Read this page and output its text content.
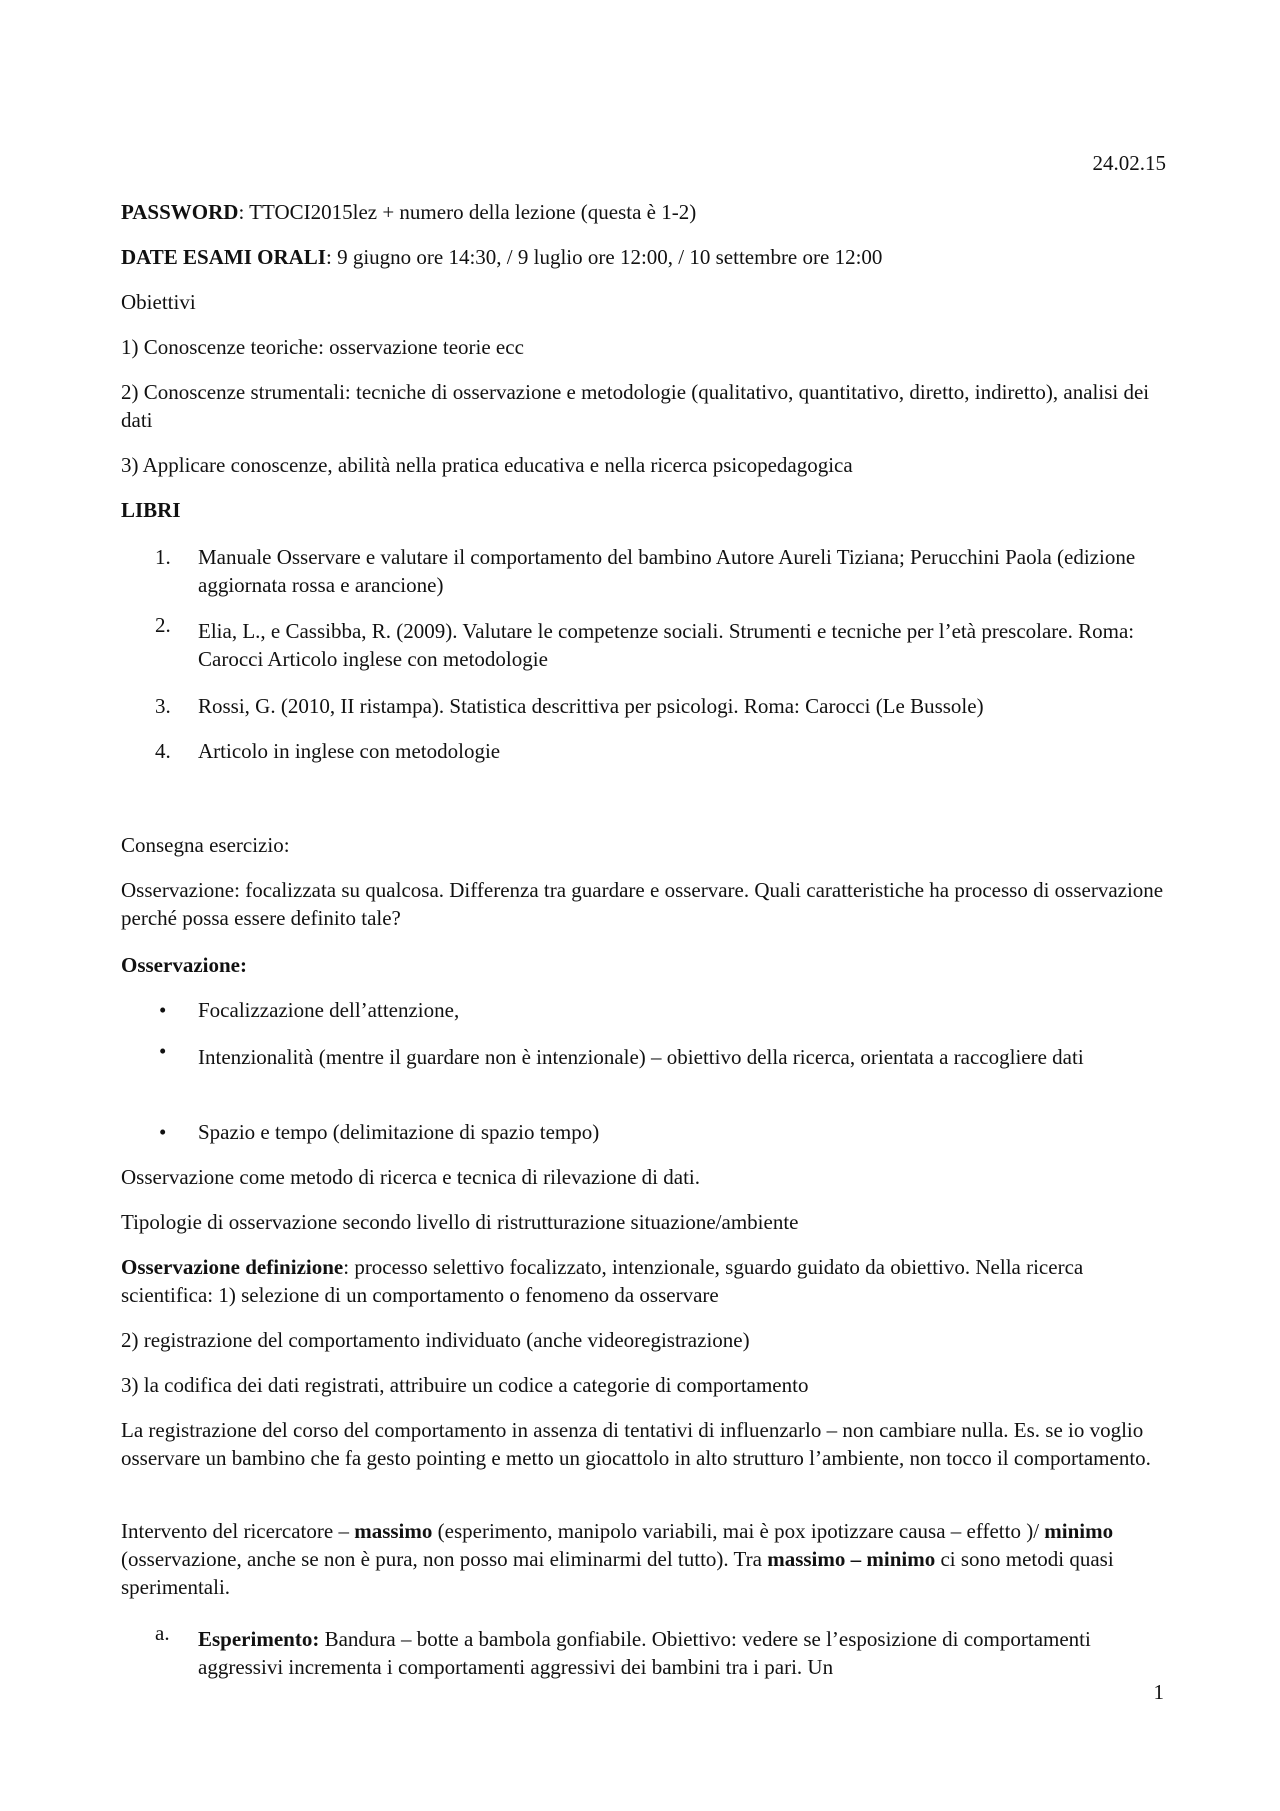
24.02.15

PASSWORD: TTOCI2015lez + numero della lezione (questa è 1-2)

DATE ESAMI ORALI: 9 giugno ore 14:30, / 9 luglio ore 12:00, / 10 settembre ore 12:00

Obiettivi

1) Conoscenze teoriche: osservazione teorie ecc

2) Conoscenze strumentali: tecniche di osservazione e metodologie (qualitativo, quantitativo, diretto, indiretto), analisi dei dati

3) Applicare conoscenze, abilità nella pratica educativa e nella ricerca psicopedagogica

LIBRI

1.	Manuale Osservare e valutare il comportamento del bambino Autore Aureli Tiziana; Perucchini Paola (edizione aggiornata rossa e arancione)
2.	Elia, L., e Cassibba, R. (2009). Valutare le competenze sociali. Strumenti e tecniche per l’età prescolare. Roma: Carocci Articolo inglese con metodologie
3.	Rossi, G. (2010, II ristampa). Statistica descrittiva per psicologi. Roma: Carocci (Le Bussole)
4.	Articolo in inglese con metodologie

Consegna esercizio:

Osservazione: focalizzata su qualcosa. Differenza tra guardare e osservare. Quali caratteristiche ha processo di osservazione perché possa essere definito tale?

Osservazione:

•	Focalizzazione dell’attenzione,
•	Intenzionalità (mentre il guardare non è intenzionale) – obiettivo della ricerca, orientata a raccogliere dati
•	Spazio e tempo (delimitazione di spazio tempo)

Osservazione come metodo di ricerca e tecnica di rilevazione di dati.

Tipologie di osservazione secondo livello di ristrutturazione situazione/ambiente

Osservazione definizione: processo selettivo focalizzato, intenzionale, sguardo guidato da obiettivo. Nella ricerca scientifica: 1) selezione di un comportamento o fenomeno da osservare

2) registrazione del comportamento individuato (anche videoregistrazione)

3) la codifica dei dati registrati, attribuire un codice a categorie di comportamento

La registrazione del corso del comportamento in assenza di tentativi di influenzarlo – non cambiare nulla. Es. se io voglio osservare un bambino che fa gesto pointing e metto un giocattolo in alto strutturo l’ambiente, non tocco il comportamento.

Intervento del ricercatore – massimo (esperimento, manipolo variabili, mai è pox ipotizzare causa – effetto )/ minimo (osservazione, anche se non è pura, non posso mai eliminarmi del tutto). Tra massimo – minimo ci sono metodi quasi sperimentali.

a.	Esperimento: Bandura – botte a bambola gonfiabile. Obiettivo: vedere se l’esposizione di comportamenti aggressivi incrementa i comportamenti aggressivi dei bambini tra i pari. Un
1
